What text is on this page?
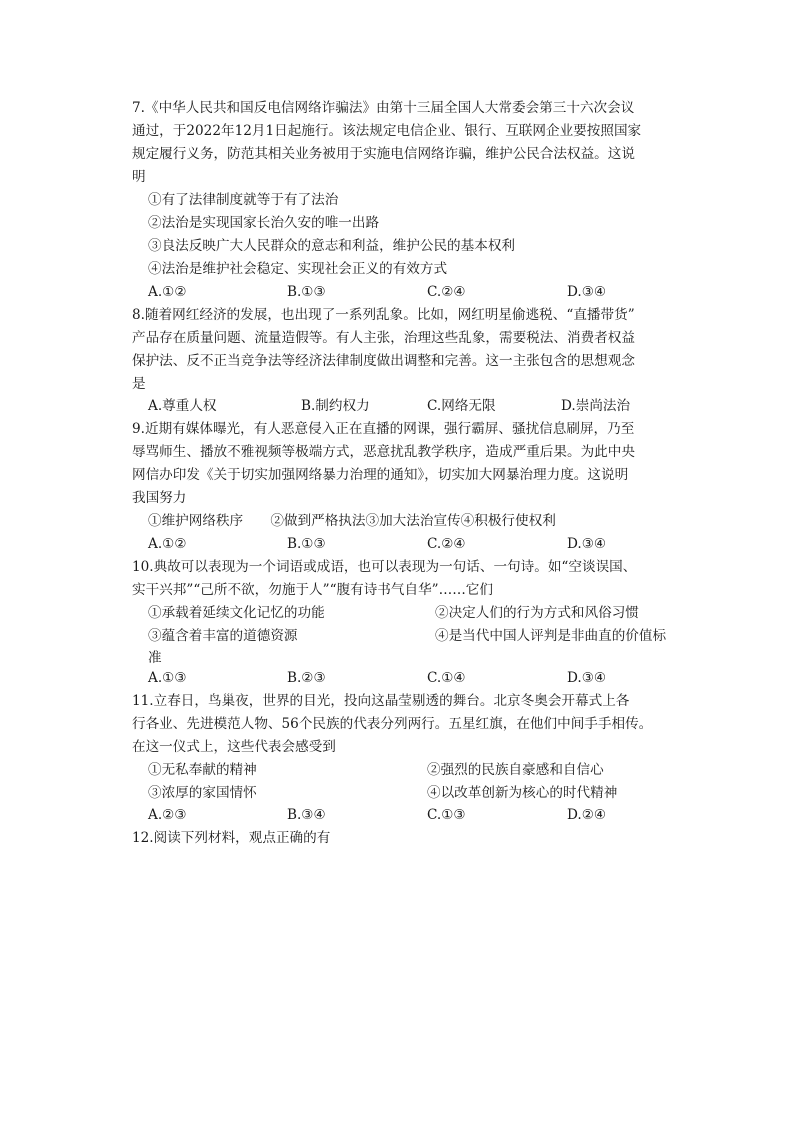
7.《中华人民共和国反电信网络诈骗法》由第十三届全国人大常委会第三十六次会议
通过，于2022年12月1日起施行。该法规定电信企业、银行、互联网企业要按照国家
规定履行义务，防范其相关业务被用于实施电信网络诈骗，维护公民合法权益。这说
明
①有了法律制度就等于有了法治
②法治是实现国家长治久安的唯一出路
③良法反映广大人民群众的意志和利益，维护公民的基本权利
④法治是维护社会稳定、实现社会正义的有效方式
A.①②	B.①③	C.②④	D.③④
8.随着网红经济的发展，也出现了一系列乱象。比如，网红明星偷逃税、“直播带货”
产品存在质量问题、流量造假等。有人主张，治理这些乱象，需要税法、消费者权益
保护法、反不正当竞争法等经济法律制度做出调整和完善。这一主张包含的思想观念
是
A.尊重人权	B.制约权力	C.网络无限	D.崇尚法治
9.近期有媒体曝光，有人恶意侵入正在直播的网课，强行霸屏、骚扰信息刷屏，乃至
辱骂师生、播放不雅视频等极端方式，恶意扰乱教学秩序，造成严重后果。为此中央
网信办印发《关于切实加强网络暴力治理的通知》，切实加大网暴治理力度。这说明
我国努力
①维护网络秩序　　②做到严格执法③加大法治宣传④积极行使权利
A.①②	B.①③	C.②④	D.③④
10.典故可以表现为一个词语或成语，也可以表现为一句话、一句诗。如“空谈误国、
实干兴邦”“己所不欲，勿施于人”“腹有诗书气自华”……它们
①承载着延续文化记忆的功能	②决定人们的行为方式和风俗习惯
③蕴含着丰富的道德资源	④是当代中国人评判是非曲直的价值标
准
A.①③	B.②③	C.①④	D.③④
11.立春日，鸟巢夜，世界的目光，投向这晶莹剔透的舞台。北京冬奥会开幕式上各
行各业、先进模范人物、56个民族的代表分列两行。五星红旗，在他们中间手手相传。
在这一仪式上，这些代表会感受到
①无私奉献的精神	②强烈的民族自豪感和自信心
③浓厚的家国情怀	④以改革创新为核心的时代精神
A.②③	B.③④	C.①③	D.②④
12.阅读下列材料，观点正确的有
